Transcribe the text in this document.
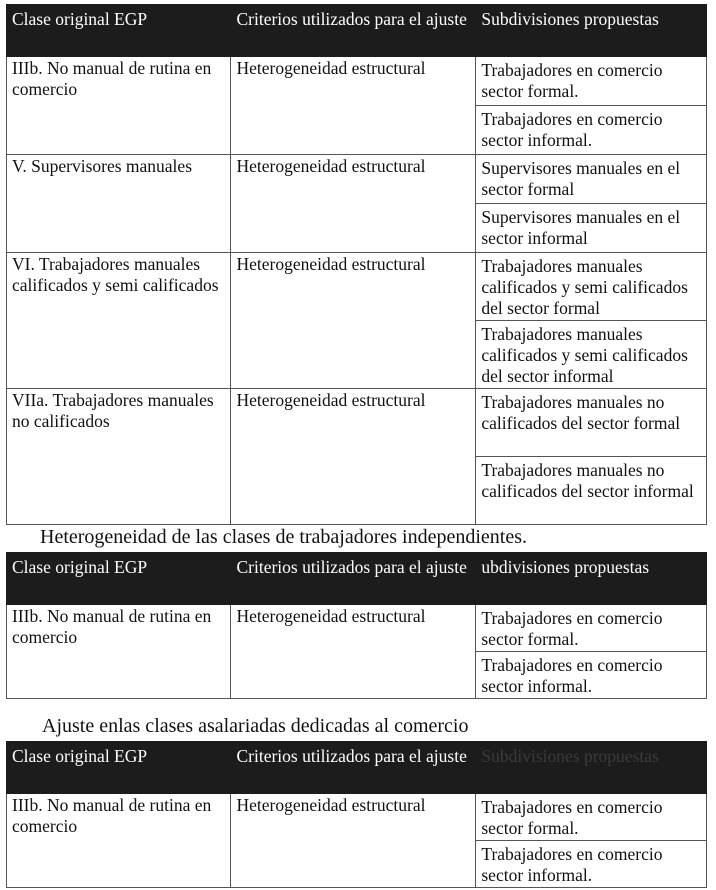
Clase original EGP	Criterios utilizados para el ajuste	Subdivisiones propuestas
IIIb. No manual de rutina en comercio	Heterogeneidad estructural	Trabajadores en comercio sector formal.
		Trabajadores en comercio sector informal.
V. Supervisores manuales	Heterogeneidad estructural	Supervisores manuales en el sector formal
		Supervisores manuales en el sector informal
VI. Trabajadores manuales calificados y semi calificados	Heterogeneidad estructural	Trabajadores manuales calificados y semi calificados del sector formal
		Trabajadores manuales calificados y semi calificados del sector informal
VIIa. Trabajadores manuales no calificados	Heterogeneidad estructural	Trabajadores manuales no calificados del sector formal
		Trabajadores manuales no calificados del sector informal
Heterogeneidad de las clases de trabajadores independientes.
Clase original EGP	Criterios utilizados para el ajuste	ubdivisiones propuestas
IIIb. No manual de rutina en comercio	Heterogeneidad estructural	Trabajadores en comercio sector formal.
		Trabajadores en comercio sector informal.
Ajuste enlas clases asalariadas dedicadas al comercio
Clase original EGP	Criterios utilizados para el ajuste	Subdivisiones propuestas
IIIb. No manual de rutina en comercio	Heterogeneidad estructural	Trabajadores en comercio sector formal.
		Trabajadores en comercio sector informal.
